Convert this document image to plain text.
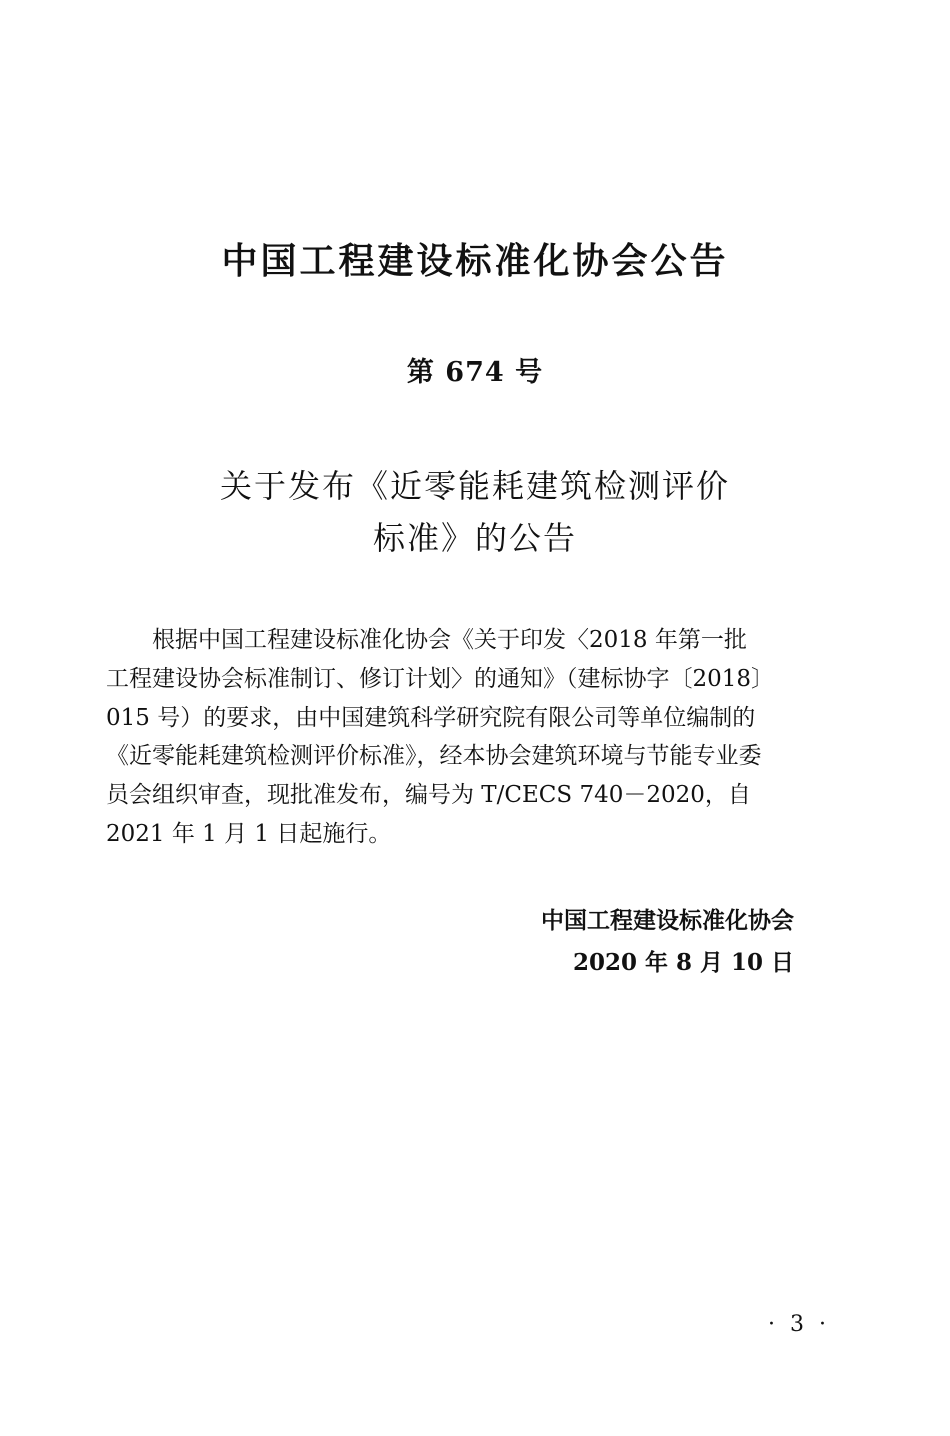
中国工程建设标准化协会公告
第 674 号
关于发布《近零能耗建筑检测评价
标准》的公告
　　根据中国工程建设标准化协会《关于印发〈2018 年第一批
工程建设协会标准制订、修订计划〉的通知》（建标协字〔2018〕
015 号）的要求，由中国建筑科学研究院有限公司等单位编制的
《近零能耗建筑检测评价标准》，经本协会建筑环境与节能专业委
员会组织审查，现批准发布，编号为 T/CECS 740－2020，自
2021 年 1 月 1 日起施行。
中国工程建设标准化协会
2020 年 8 月 10 日
· 3 ·
